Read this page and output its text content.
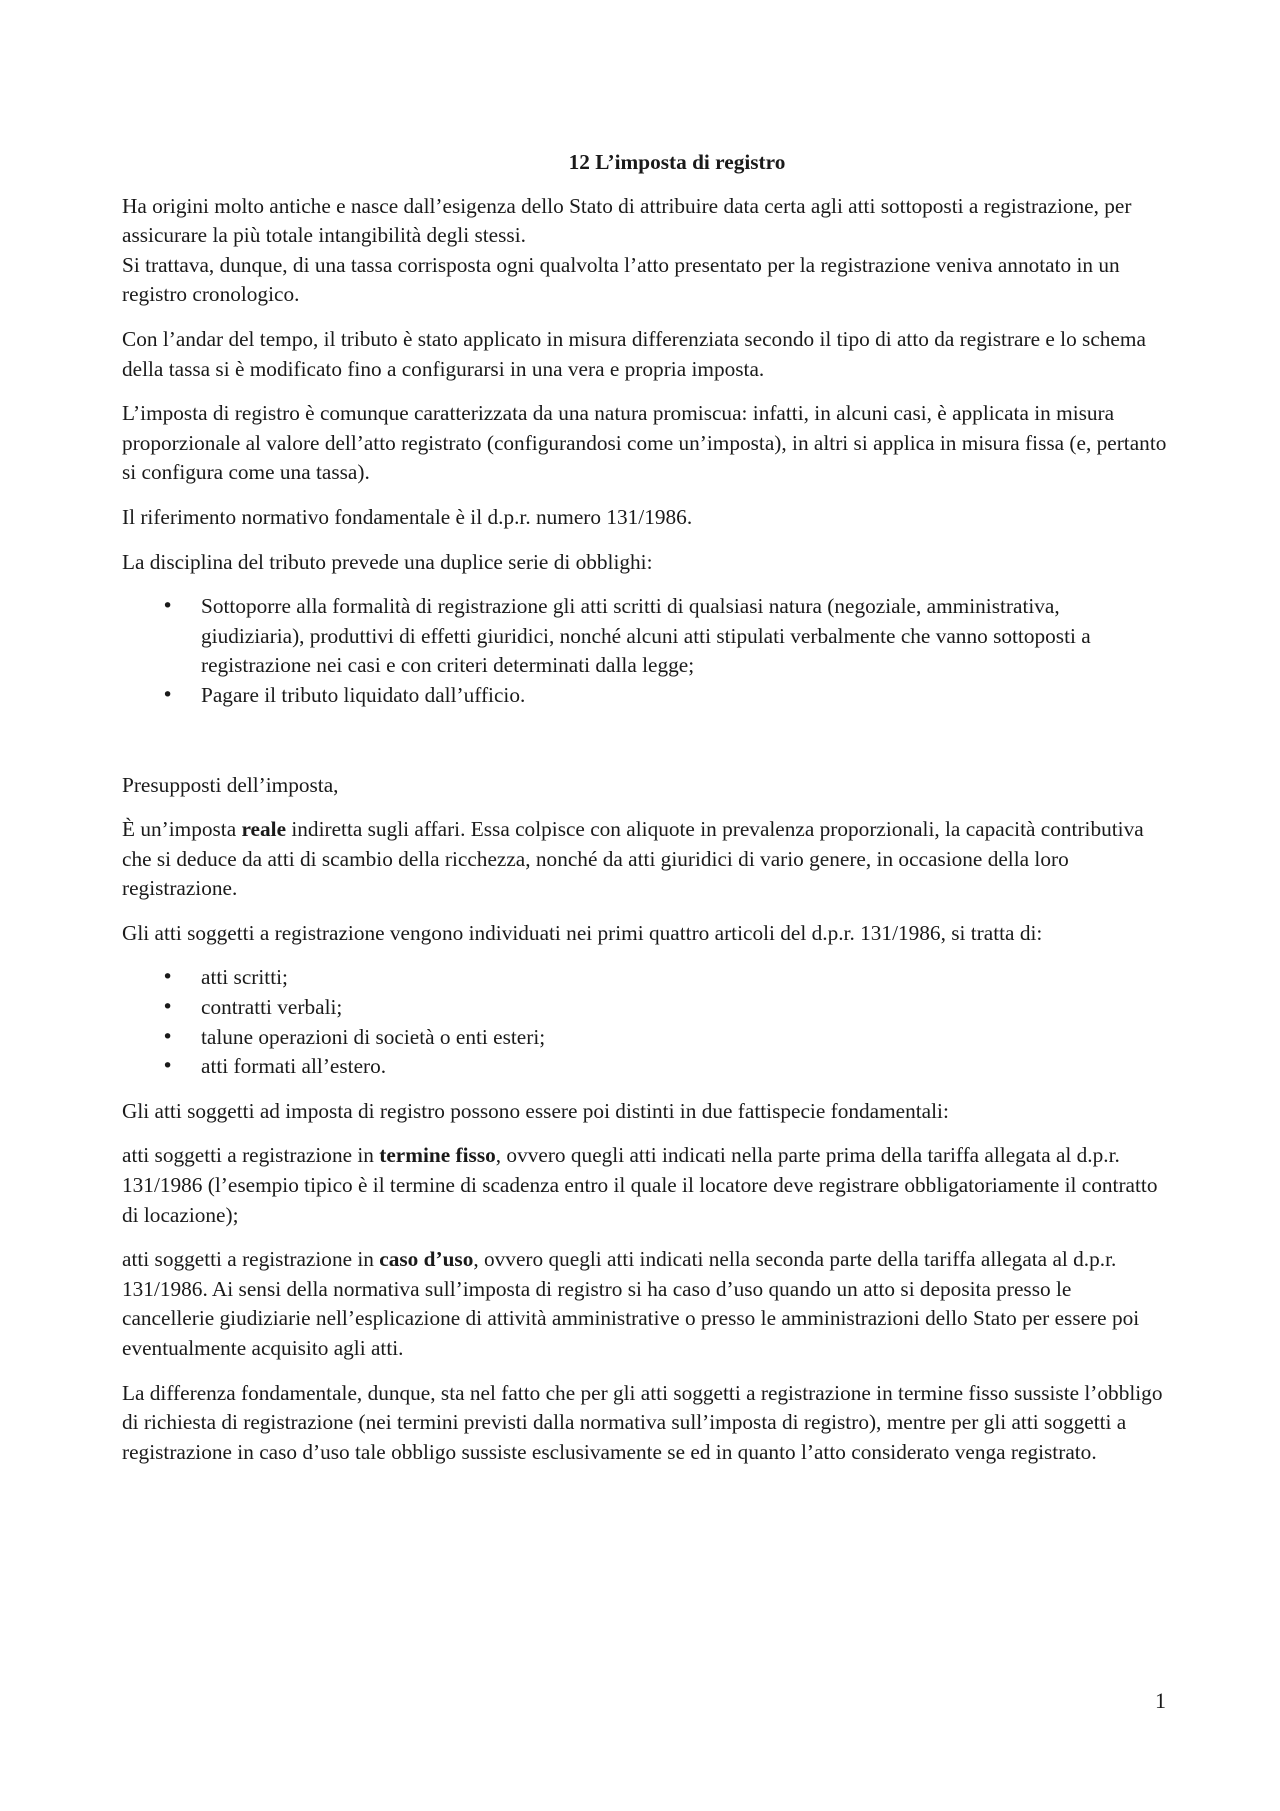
12 L’imposta di registro

Ha origini molto antiche e nasce dall’esigenza dello Stato di attribuire data certa agli atti sottoposti a registrazione, per assicurare la più totale intangibilità degli stessi.
Si trattava, dunque, di una tassa corrisposta ogni qualvolta l’atto presentato per la registrazione veniva annotato in un registro cronologico.

Con l’andar del tempo, il tributo è stato applicato in misura differenziata secondo il tipo di atto da registrare e lo schema della tassa si è modificato fino a configurarsi in una vera e propria imposta.

L’imposta di registro è comunque caratterizzata da una natura promiscua: infatti, in alcuni casi, è applicata in misura proporzionale al valore dell’atto registrato (configurandosi come un’imposta), in altri si applica in misura fissa (e, pertanto si configura come una tassa).

Il riferimento normativo fondamentale è il d.p.r. numero 131/1986.

La disciplina del tributo prevede una duplice serie di obblighi:

• Sottoporre alla formalità di registrazione gli atti scritti di qualsiasi natura (negoziale, amministrativa, giudiziaria), produttivi di effetti giuridici, nonché alcuni atti stipulati verbalmente che vanno sottoposti a registrazione nei casi e con criteri determinati dalla legge;
• Pagare il tributo liquidato dall’ufficio.

Presupposti dell’imposta,

È un’imposta reale indiretta sugli affari. Essa colpisce con aliquote in prevalenza proporzionali, la capacità contributiva che si deduce da atti di scambio della ricchezza, nonché da atti giuridici di vario genere, in occasione della loro registrazione.

Gli atti soggetti a registrazione vengono individuati nei primi quattro articoli del d.p.r. 131/1986, si tratta di:

• atti scritti;
• contratti verbali;
• talune operazioni di società o enti esteri;
• atti formati all’estero.

Gli atti soggetti ad imposta di registro possono essere poi distinti in due fattispecie fondamentali:

atti soggetti a registrazione in termine fisso, ovvero quegli atti indicati nella parte prima della tariffa allegata al d.p.r. 131/1986 (l’esempio tipico è il termine di scadenza entro il quale il locatore deve registrare obbligatoriamente il contratto di locazione);

atti soggetti a registrazione in caso d’uso, ovvero quegli atti indicati nella seconda parte della tariffa allegata al d.p.r. 131/1986. Ai sensi della normativa sull’imposta di registro si ha caso d’uso quando un atto si deposita presso le cancellerie giudiziarie nell’esplicazione di attività amministrative o presso le amministrazioni dello Stato per essere poi eventualmente acquisito agli atti.

La differenza fondamentale, dunque, sta nel fatto che per gli atti soggetti a registrazione in termine fisso sussiste l’obbligo di richiesta di registrazione (nei termini previsti dalla normativa sull’imposta di registro), mentre per gli atti soggetti a registrazione in caso d’uso tale obbligo sussiste esclusivamente se ed in quanto l’atto considerato venga registrato.

1
